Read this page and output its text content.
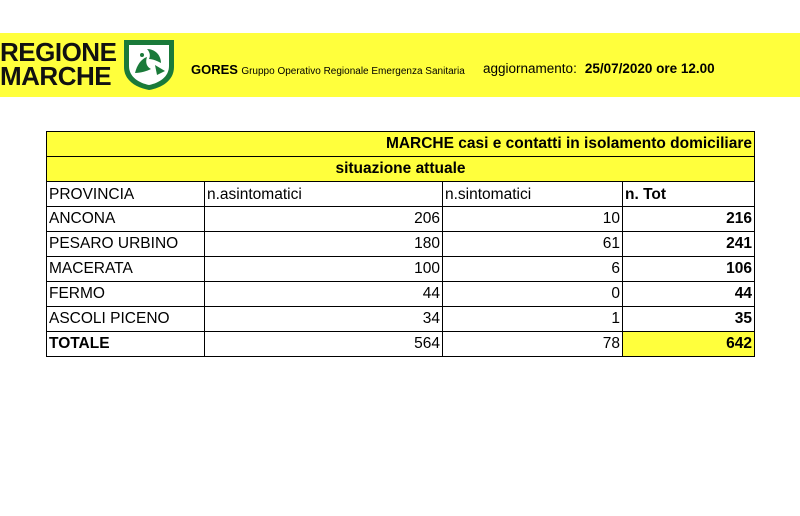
REGIONE
MARCHE	GORES Gruppo Operativo Regionale Emergenza Sanitaria aggiornamento: 25/07/2020 ore 12.00
MARCHE casi e contatti in isolamento domiciliare			
situazione attuale			
PROVINCIA	n.asintomatici	n.sintomatici	n. Tot
ANCONA	206	10	216
PESARO URBINO	180	61	241
MACERATA	100	6	106
FERMO	44	0	44
ASCOLI PICENO	34	1	35
TOTALE	564	78	642
